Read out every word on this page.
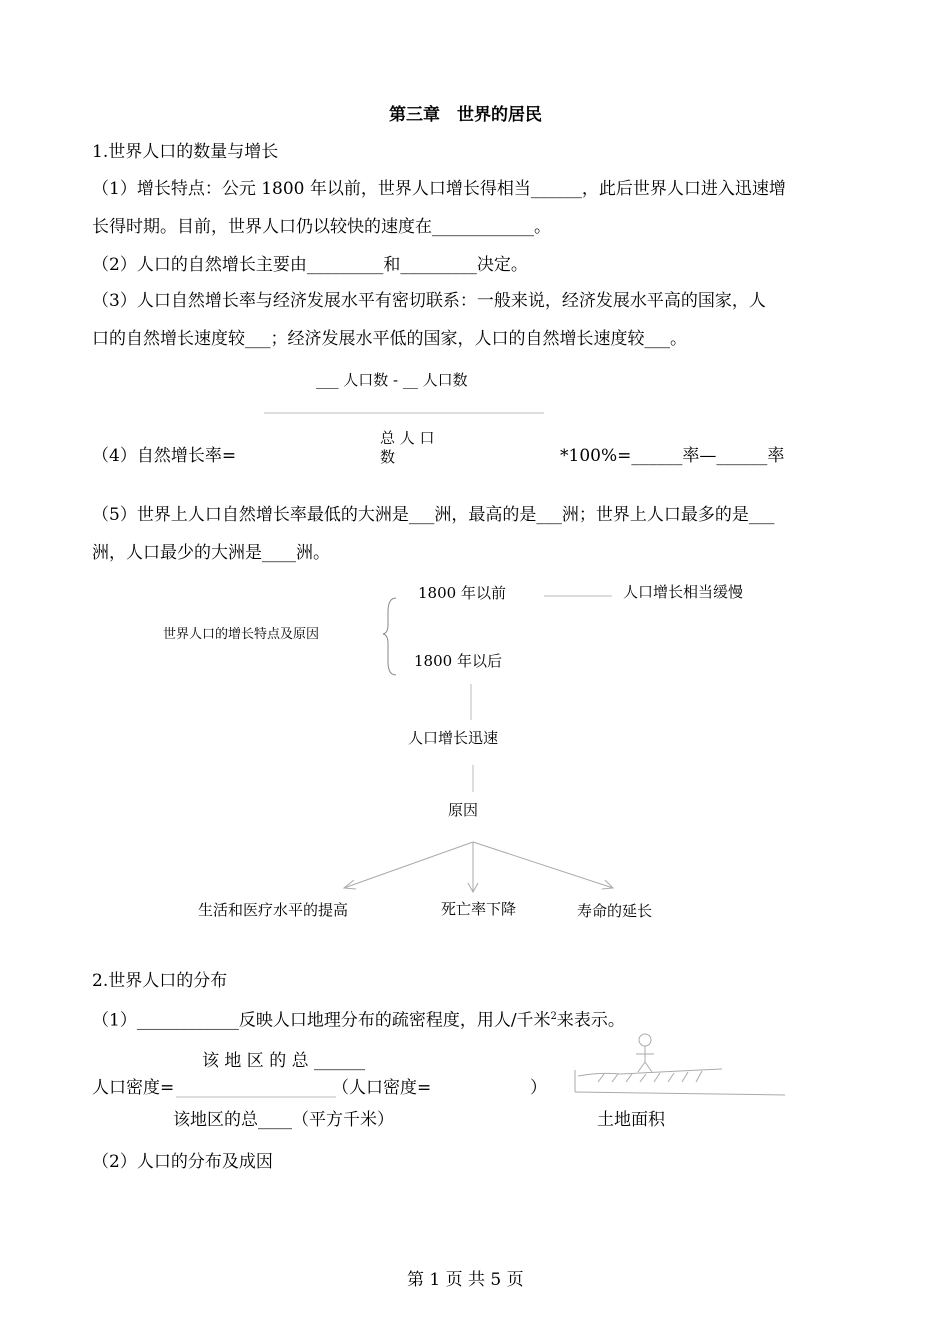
第三章　世界的居民
1.世界人口的数量与增长
（1）增长特点：公元 1800 年以前，世界人口增长得相当______，此后世界人口进入迅速增
长得时期。目前，世界人口仍以较快的速度在____________。
（2）人口的自然增长主要由_________和_________决定。
（3）人口自然增长率与经济发展水平有密切联系：一般来说，经济发展水平高的国家，人
口的自然增长速度较___；经济发展水平低的国家，人口的自然增长速度较___。
___ 人口数 - __ 人口数
（4）自然增长率=
总 人 口
数	*100%=______率—______率
（5）世界上人口自然增长率最低的大洲是___洲，最高的是___洲；世界上人口最多的是___
洲，人口最少的大洲是____洲。
世界人口的增长特点及原因
1800 年以前	人口增长相当缓慢
1800 年以后
人口增长迅速
原因
生活和医疗水平的提高	死亡率下降	寿命的延长
2.世界人口的分布
（1）____________反映人口地理分布的疏密程度，用人/千米$^2$来表示。
该 地 区 的 总 ______
人口密度=	（人口密度=	）
该地区的总____（平方千米）	土地面积
（2）人口的分布及成因
第 1 页 共 5 页
